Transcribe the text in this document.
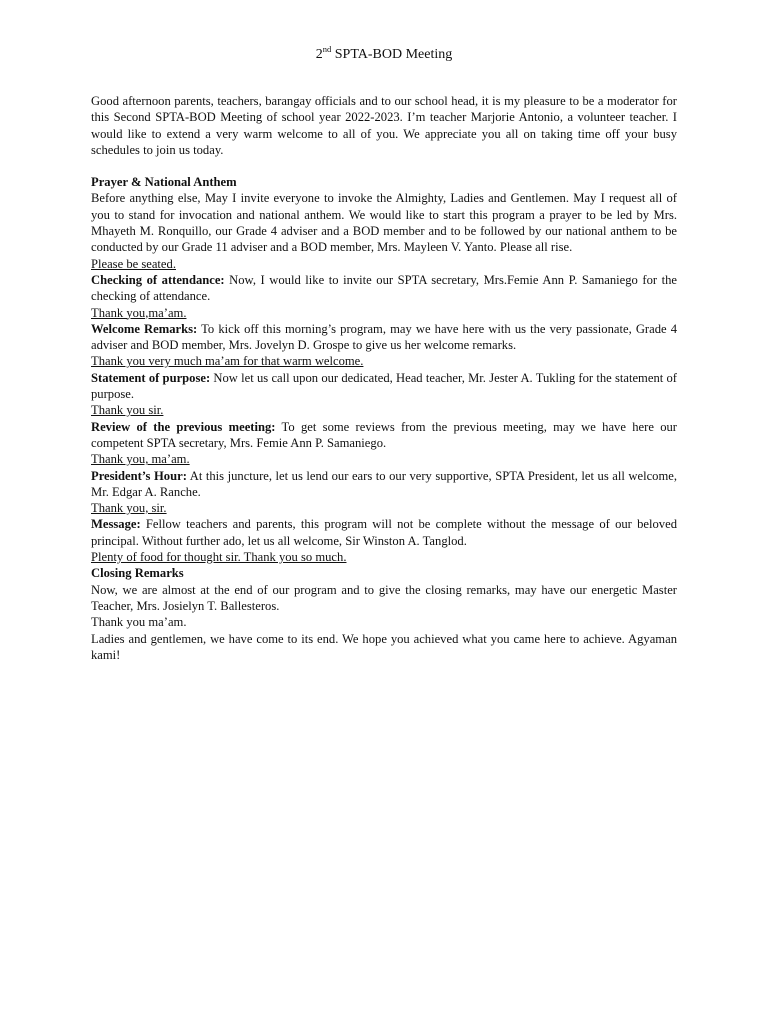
2nd SPTA-BOD Meeting

Good afternoon parents, teachers, barangay officials and to our school head, it is my pleasure to be a moderator for this Second SPTA-BOD Meeting of school year 2022-2023. I’m teacher Marjorie Antonio, a volunteer teacher. I would like to extend a very warm welcome to all of you. We appreciate you all on taking time off your busy schedules to join us today.

Prayer & National Anthem

Before anything else, May I invite everyone to invoke the Almighty, Ladies and Gentlemen. May I request all of you to stand for invocation and national anthem. We would like to start this program a prayer to be led by Mrs. Mhayeth M. Ronquillo, our Grade 4 adviser and a BOD member and to be followed by our national anthem to be conducted by our Grade 11 adviser and a BOD member, Mrs. Mayleen V. Yanto. Please all rise.

Please be seated.

Checking of attendance: Now, I would like to invite our SPTA secretary, Mrs.Femie Ann P. Samaniego for the checking of attendance.

Thank you,ma’am.

Welcome Remarks: To kick off this morning’s program, may we have here with us the very passionate, Grade 4 adviser and BOD member, Mrs. Jovelyn D. Grospe to give us her welcome remarks.

Thank you very much ma’am for that warm welcome.

Statement of purpose: Now let us call upon our dedicated, Head teacher, Mr. Jester A. Tukling for the statement of purpose.

Thank you sir.

Review of the previous meeting: To get some reviews from the previous meeting, may we have here our competent SPTA secretary, Mrs. Femie Ann P. Samaniego.

Thank you, ma’am.

President’s Hour: At this juncture, let us lend our ears to our very supportive, SPTA President, let us all welcome, Mr. Edgar A. Ranche.

Thank you, sir.

Message: Fellow teachers and parents, this program will not be complete without the message of our beloved principal. Without further ado, let us all welcome, Sir Winston A. Tanglod.

Plenty of food for thought sir. Thank you so much.

Closing Remarks

Now, we are almost at the end of our program and to give the closing remarks, may have our energetic Master Teacher, Mrs. Josielyn T. Ballesteros.

Thank you ma’am.

Ladies and gentlemen, we have come to its end. We hope you achieved what you came here to achieve. Agyaman kami!
